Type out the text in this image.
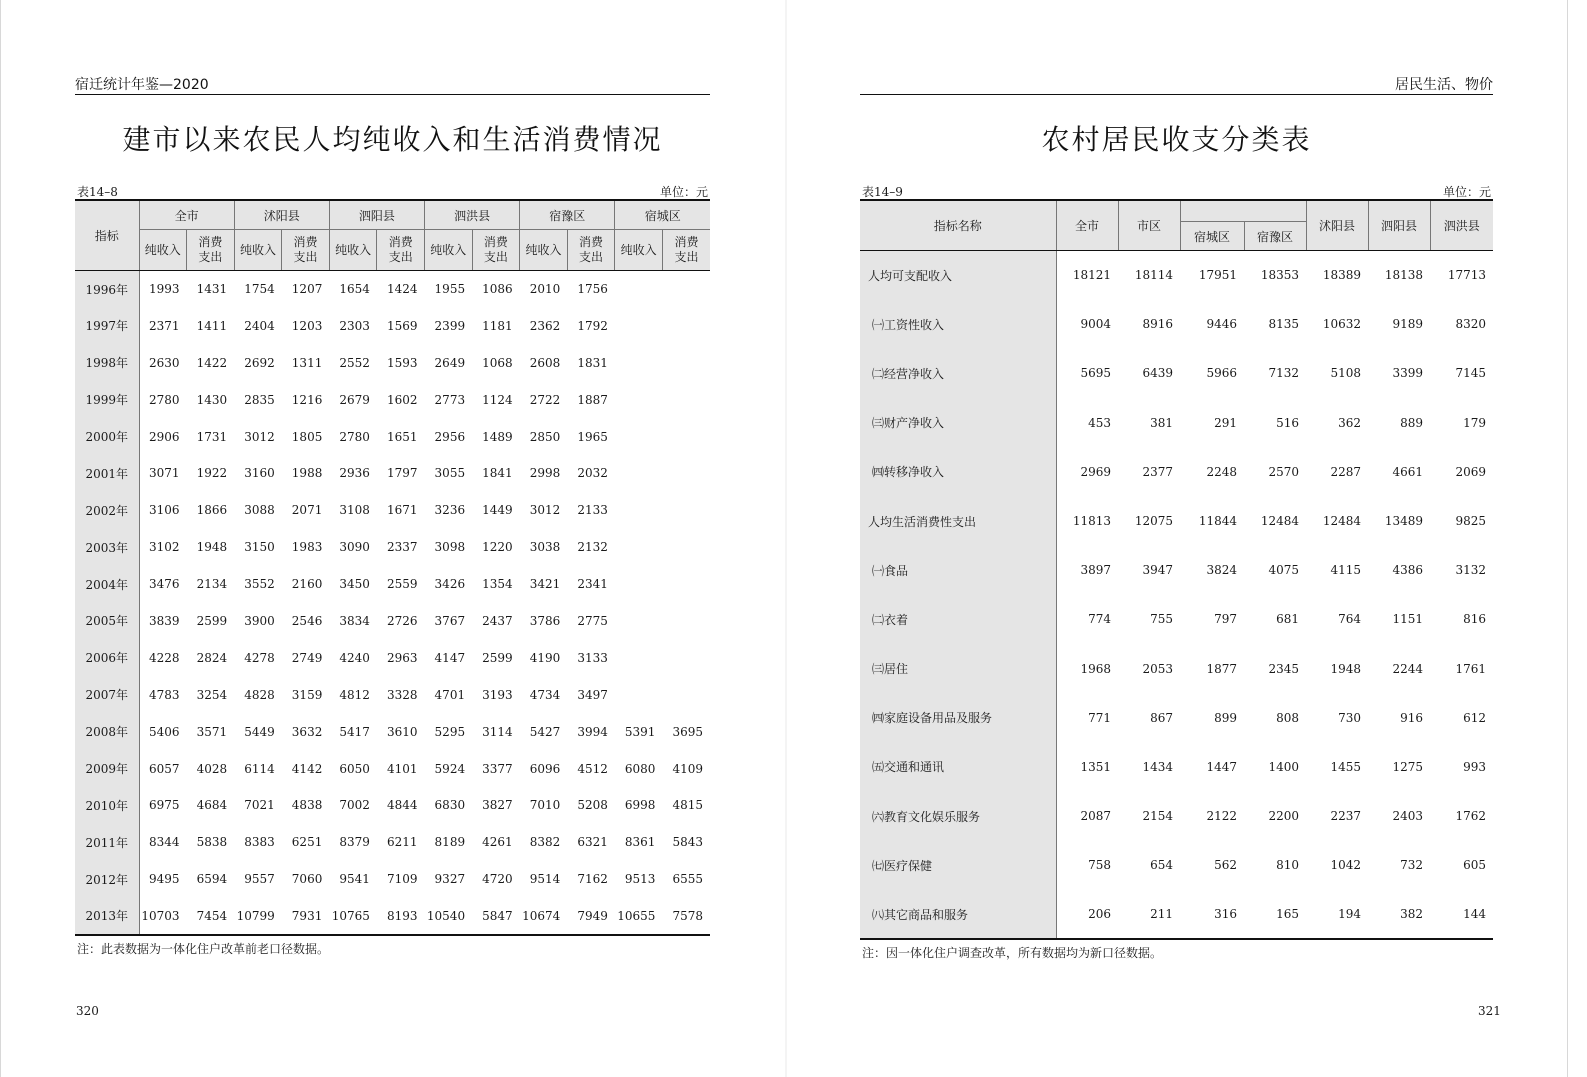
宿迁统计年鉴—2020
建市以来农民人均纯收入和生活消费情况
表14–8	单位：元
指标	全市		沭阳县		泗阳县		泗洪县		宿豫区		宿城区	
	纯收入	消费支出	纯收入	消费支出	纯收入	消费支出	纯收入	消费支出	纯收入	消费支出	纯收入	消费支出
1996年	1993	1431	1754	1207	1654	1424	1955	1086	2010	1756		
1997年	2371	1411	2404	1203	2303	1569	2399	1181	2362	1792		
1998年	2630	1422	2692	1311	2552	1593	2649	1068	2608	1831		
1999年	2780	1430	2835	1216	2679	1602	2773	1124	2722	1887		
2000年	2906	1731	3012	1805	2780	1651	2956	1489	2850	1965		
2001年	3071	1922	3160	1988	2936	1797	3055	1841	2998	2032		
2002年	3106	1866	3088	2071	3108	1671	3236	1449	3012	2133		
2003年	3102	1948	3150	1983	3090	2337	3098	1220	3038	2132		
2004年	3476	2134	3552	2160	3450	2559	3426	1354	3421	2341		
2005年	3839	2599	3900	2546	3834	2726	3767	2437	3786	2775		
2006年	4228	2824	4278	2749	4240	2963	4147	2599	4190	3133		
2007年	4783	3254	4828	3159	4812	3328	4701	3193	4734	3497		
2008年	5406	3571	5449	3632	5417	3610	5295	3114	5427	3994	5391	3695
2009年	6057	4028	6114	4142	6050	4101	5924	3377	6096	4512	6080	4109
2010年	6975	4684	7021	4838	7002	4844	6830	3827	7010	5208	6998	4815
2011年	8344	5838	8383	6251	8379	6211	8189	4261	8382	6321	8361	5843
2012年	9495	6594	9557	7060	9541	7109	9327	4720	9514	7162	9513	6555
2013年	10703	7454	10799	7931	10765	8193	10540	5847	10674	7949	10655	7578
注：此表数据为一体化住户改革前老口径数据。
320
居民生活、物价
农村居民收支分类表
表14–9	单位：元
指标名称	全市	市区			沭阳县	泗阳县	泗洪县
			宿城区	宿豫区			
人均可支配收入	18121	18114	17951	18353	18389	18138	17713
㈠工资性收入	9004	8916	9446	8135	10632	9189	8320
㈡经营净收入	5695	6439	5966	7132	5108	3399	7145
㈢财产净收入	453	381	291	516	362	889	179
㈣转移净收入	2969	2377	2248	2570	2287	4661	2069
人均生活消费性支出	11813	12075	11844	12484	12484	13489	9825
㈠食品	3897	3947	3824	4075	4115	4386	3132
㈡衣着	774	755	797	681	764	1151	816
㈢居住	1968	2053	1877	2345	1948	2244	1761
㈣家庭设备用品及服务	771	867	899	808	730	916	612
㈤交通和通讯	1351	1434	1447	1400	1455	1275	993
㈥教育文化娱乐服务	2087	2154	2122	2200	2237	2403	1762
㈦医疗保健	758	654	562	810	1042	732	605
㈧其它商品和服务	206	211	316	165	194	382	144
注：因一体化住户调查改革，所有数据均为新口径数据。
321
